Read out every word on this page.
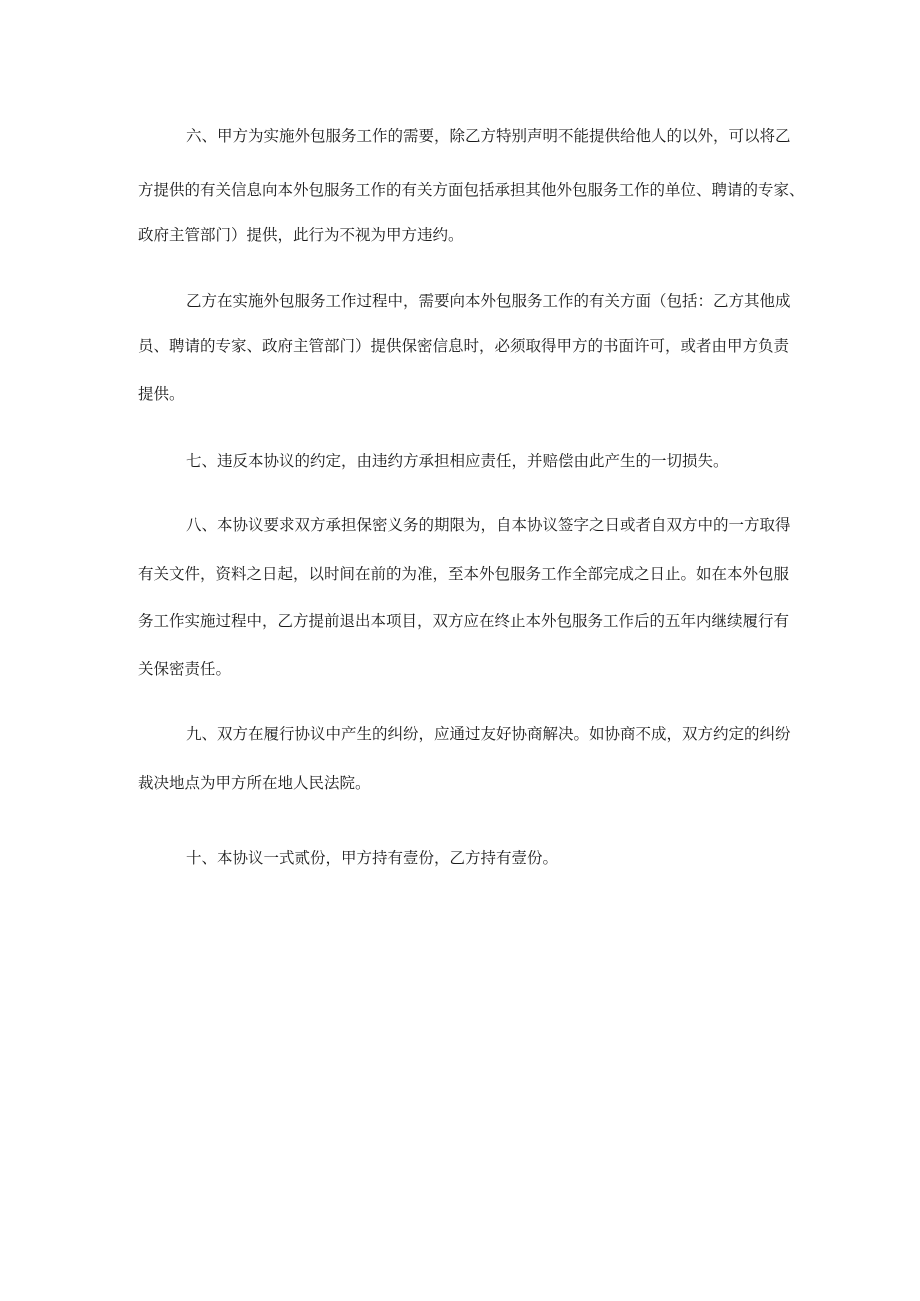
六、甲方为实施外包服务工作的需要，除乙方特别声明不能提供给他人的以外，可以将乙
方提供的有关信息向本外包服务工作的有关方面包括承担其他外包服务工作的单位、聘请的专家、
政府主管部门）提供，此行为不视为甲方违约。
乙方在实施外包服务工作过程中，需要向本外包服务工作的有关方面（包括：乙方其他成
员、聘请的专家、政府主管部门）提供保密信息时，必须取得甲方的书面许可，或者由甲方负责
提供。
七、违反本协议的约定，由违约方承担相应责任，并赔偿由此产生的一切损失。
八、本协议要求双方承担保密义务的期限为，自本协议签字之日或者自双方中的一方取得
有关文件，资料之日起，以时间在前的为准，至本外包服务工作全部完成之日止。如在本外包服
务工作实施过程中，乙方提前退出本项目，双方应在终止本外包服务工作后的五年内继续履行有
关保密责任。
九、双方在履行协议中产生的纠纷，应通过友好协商解决。如协商不成，双方约定的纠纷
裁决地点为甲方所在地人民法院。
十、本协议一式贰份，甲方持有壹份，乙方持有壹份。
